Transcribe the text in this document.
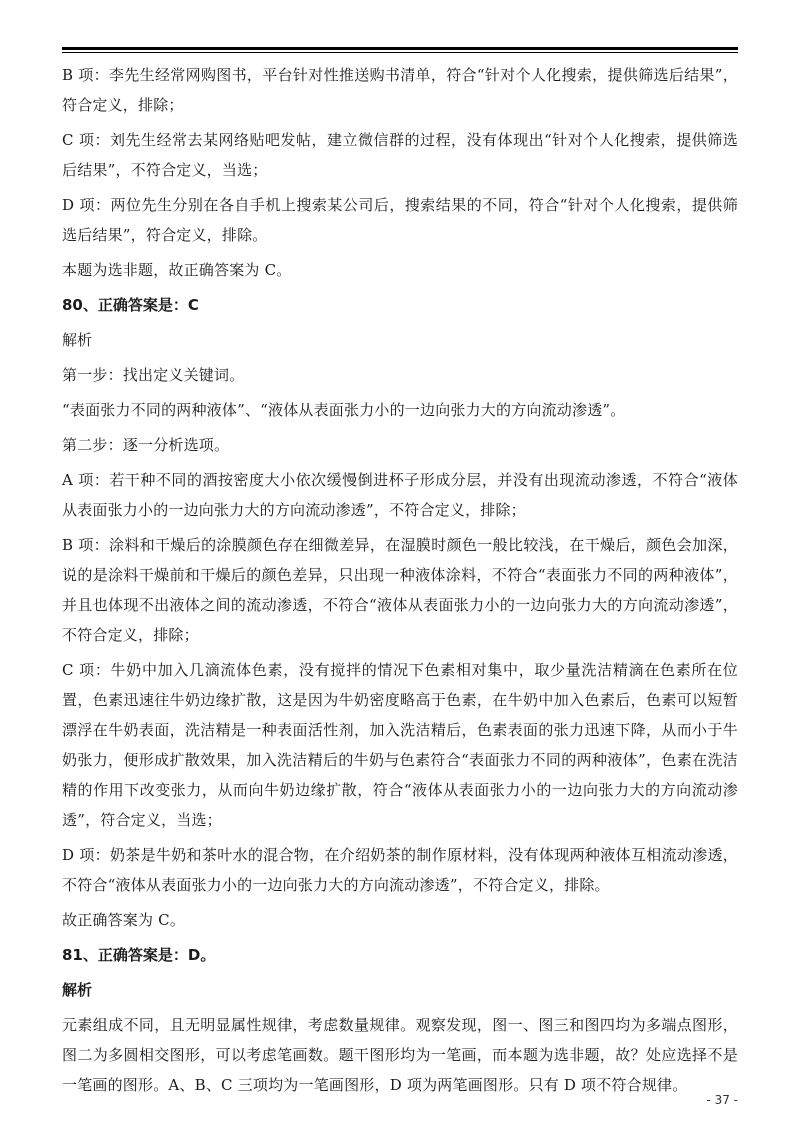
B 项：李先生经常网购图书，平台针对性推送购书清单，符合“针对个人化搜索，提供筛选后结果”，符合定义，排除；

C 项：刘先生经常去某网络贴吧发帖，建立微信群的过程，没有体现出“针对个人化搜索，提供筛选后结果”，不符合定义，当选；

D 项：两位先生分别在各自手机上搜索某公司后，搜索结果的不同，符合“针对个人化搜索，提供筛选后结果”，符合定义，排除。

本题为选非题，故正确答案为 C。

80、正确答案是：C
解析

第一步：找出定义关键词。

“表面张力不同的两种液体”、“液体从表面张力小的一边向张力大的方向流动渗透”。

第二步：逐一分析选项。

A 项：若干种不同的酒按密度大小依次缓慢倒进杯子形成分层，并没有出现流动渗透，不符合“液体从表面张力小的一边向张力大的方向流动渗透”，不符合定义，排除；

B 项：涂料和干燥后的涂膜颜色存在细微差异，在湿膜时颜色一般比较浅，在干燥后，颜色会加深，说的是涂料干燥前和干燥后的颜色差异，只出现一种液体涂料，不符合“表面张力不同的两种液体”，并且也体现不出液体之间的流动渗透，不符合“液体从表面张力小的一边向张力大的方向流动渗透”，不符合定义，排除；

C 项：牛奶中加入几滴流体色素，没有搅拌的情况下色素相对集中，取少量洗洁精滴在色素所在位置，色素迅速往牛奶边缘扩散，这是因为牛奶密度略高于色素，在牛奶中加入色素后，色素可以短暂漂浮在牛奶表面，洗洁精是一种表面活性剂，加入洗洁精后，色素表面的张力迅速下降，从而小于牛奶张力，便形成扩散效果，加入洗洁精后的牛奶与色素符合“表面张力不同的两种液体”，色素在洗洁精的作用下改变张力，从而向牛奶边缘扩散，符合“液体从表面张力小的一边向张力大的方向流动渗透”，符合定义，当选；

D 项：奶茶是牛奶和茶叶水的混合物，在介绍奶茶的制作原材料，没有体现两种液体互相流动渗透，不符合“液体从表面张力小的一边向张力大的方向流动渗透”，不符合定义，排除。

故正确答案为 C。

81、正确答案是：D。
解析

元素组成不同，且无明显属性规律，考虑数量规律。观察发现，图一、图三和图四均为多端点图形，图二为多圆相交图形，可以考虑笔画数。题干图形均为一笔画，而本题为选非题，故？处应选择不是一笔画的图形。A、B、C 三项均为一笔画图形，D 项为两笔画图形。只有 D 项不符合规律。

- 37 -
